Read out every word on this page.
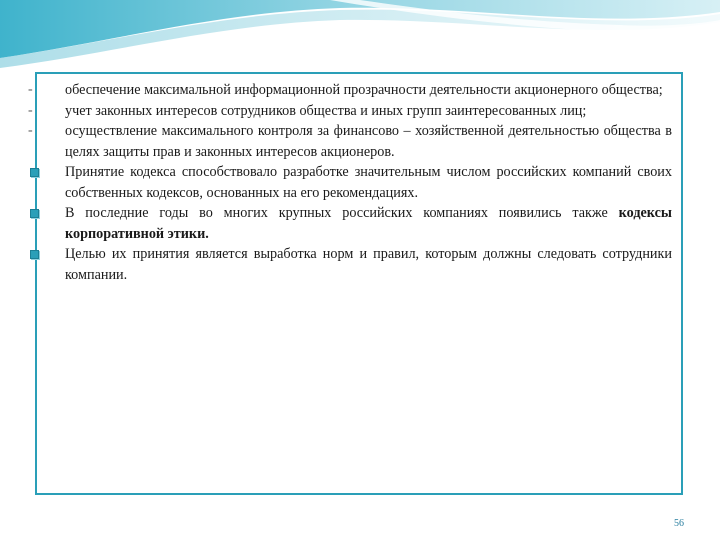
-	обеспечение максимальной информационной прозрачности деятельности акционерного общества;
-	учет законных интересов сотрудников общества и иных групп заинтересованных лиц;
-	осуществление максимального контроля за финансово – хозяйственной деятельностью общества в целях защиты прав и законных интересов акционеров.
Принятие кодекса способствовало разработке значительным числом российских компаний своих собственных кодексов, основанных на его рекомендациях.
В последние годы во многих крупных российских компаниях появились также кодексы корпоративной этики.
Целью их принятия является выработка норм и правил, которым должны следовать сотрудники компании.
56
